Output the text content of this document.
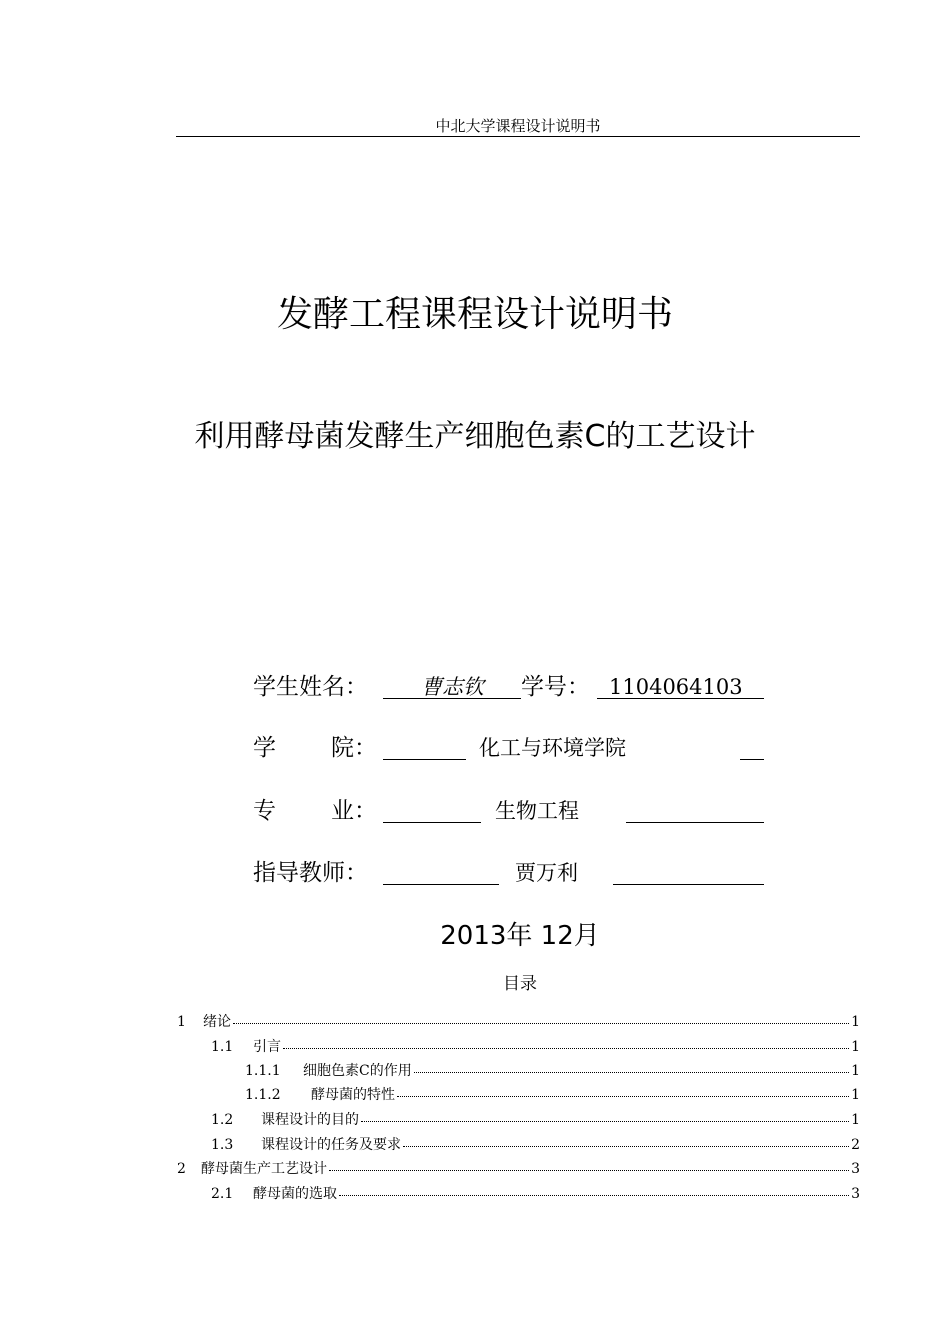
中北大学课程设计说明书
发酵工程课程设计说明书
利用酵母菌发酵生产细胞色素C的工艺设计
学生姓名：	曹志钦 学号： 1104064103
学 院：	化工与环境学院
专 业：	生物工程
指导教师：	贾万利
2013年 12月
目录
1	绪论	1
1.1	引言	1
1.1.1	细胞色素C的作用	1
1.1.2	酵母菌的特性	1
1.2	课程设计的目的	1
1.3	课程设计的任务及要求	2
2	酵母菌生产工艺设计	3
2.1	酵母菌的选取	3
